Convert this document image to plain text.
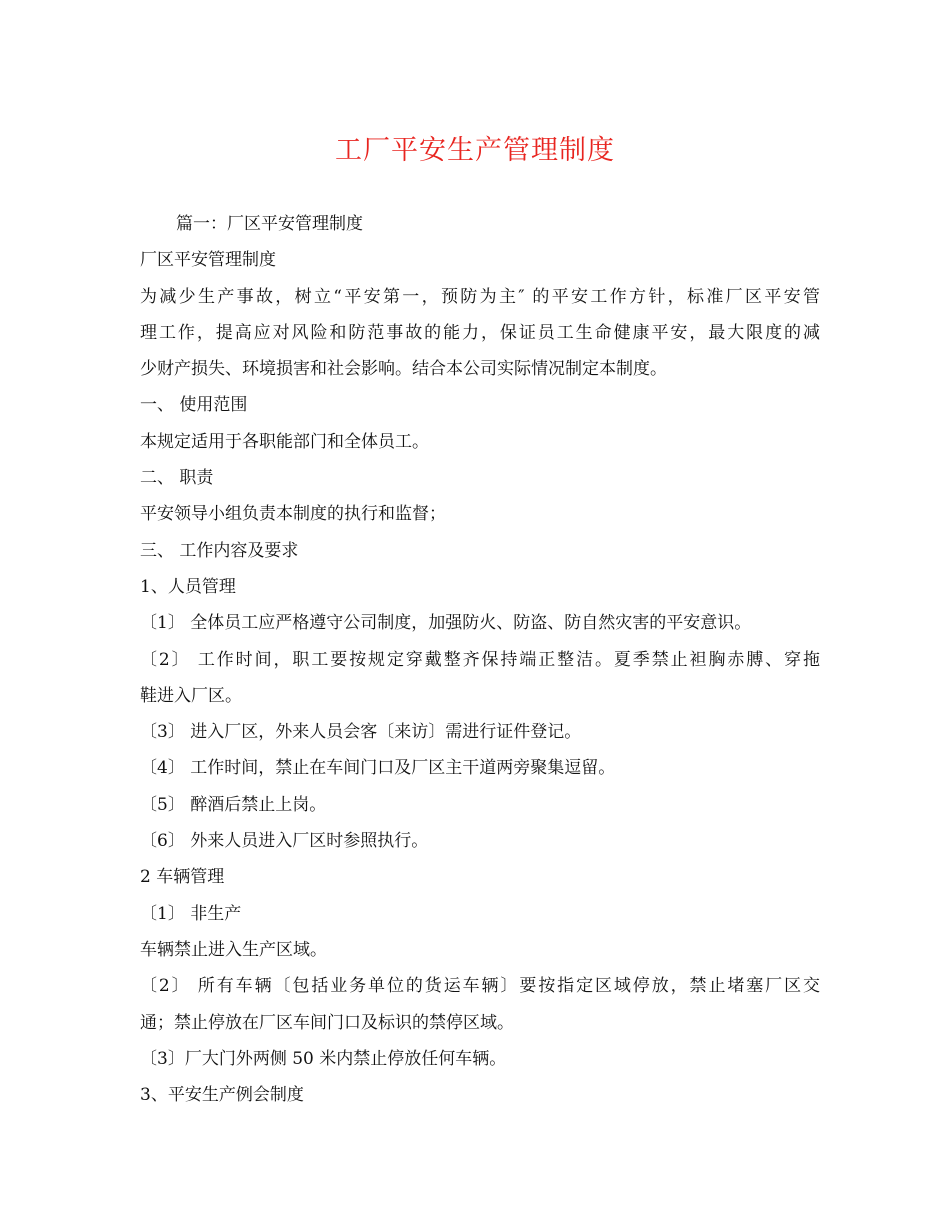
工厂平安生产管理制度
篇一：厂区平安管理制度
厂区平安管理制度
为减少生产事故，树立“平安第一，预防为主″ 的平安工作方针，标准厂区平安管
理工作，提高应对风险和防范事故的能力，保证员工生命健康平安，最大限度的减
少财产损失、环境损害和社会影响。结合本公司实际情况制定本制度。
一、 使用范围
本规定适用于各职能部门和全体员工。
二、 职责
平安领导小组负责本制度的执行和监督；
三、 工作内容及要求
1、人员管理
〔1〕 全体员工应严格遵守公司制度，加强防火、防盗、防自然灾害的平安意识。
〔2〕 工作时间，职工要按规定穿戴整齐保持端正整洁。夏季禁止袒胸赤膊、穿拖
鞋进入厂区。
〔3〕 进入厂区，外来人员会客〔来访〕需进行证件登记。
〔4〕 工作时间，禁止在车间门口及厂区主干道两旁聚集逗留。
〔5〕 醉酒后禁止上岗。
〔6〕 外来人员进入厂区时参照执行。
2 车辆管理
〔1〕 非生产
车辆禁止进入生产区域。
〔2〕 所有车辆〔包括业务单位的货运车辆〕要按指定区域停放，禁止堵塞厂区交
通；禁止停放在厂区车间门口及标识的禁停区域。
〔3〕厂大门外两侧 50 米内禁止停放任何车辆。
3、平安生产例会制度
